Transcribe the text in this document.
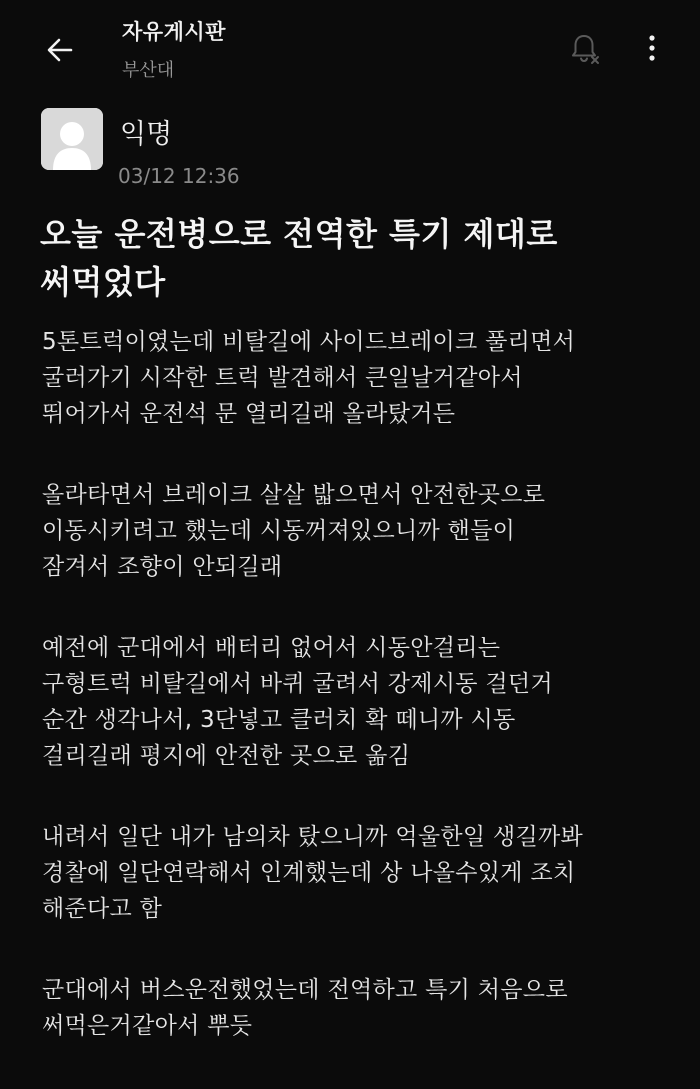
자유게시판
부산대
익명
03/12 12:36
오늘 운전병으로 전역한 특기 제대로
써먹었다
5톤트럭이였는데 비탈길에 사이드브레이크 풀리면서
굴러가기 시작한 트럭 발견해서 큰일날거같아서
뛰어가서 운전석 문 열리길래 올라탔거든
올라타면서 브레이크 살살 밟으면서 안전한곳으로
이동시키려고 했는데 시동꺼져있으니까 핸들이
잠겨서 조향이 안되길래
예전에 군대에서 배터리 없어서 시동안걸리는
구형트럭 비탈길에서 바퀴 굴려서 강제시동 걸던거
순간 생각나서, 3단넣고 클러치 확 떼니까 시동
걸리길래 평지에 안전한 곳으로 옮김
내려서 일단 내가 남의차 탔으니까 억울한일 생길까봐
경찰에 일단연락해서 인계했는데 상 나올수있게 조치
해준다고 함
군대에서 버스운전했었는데 전역하고 특기 처음으로
써먹은거같아서 뿌듯
